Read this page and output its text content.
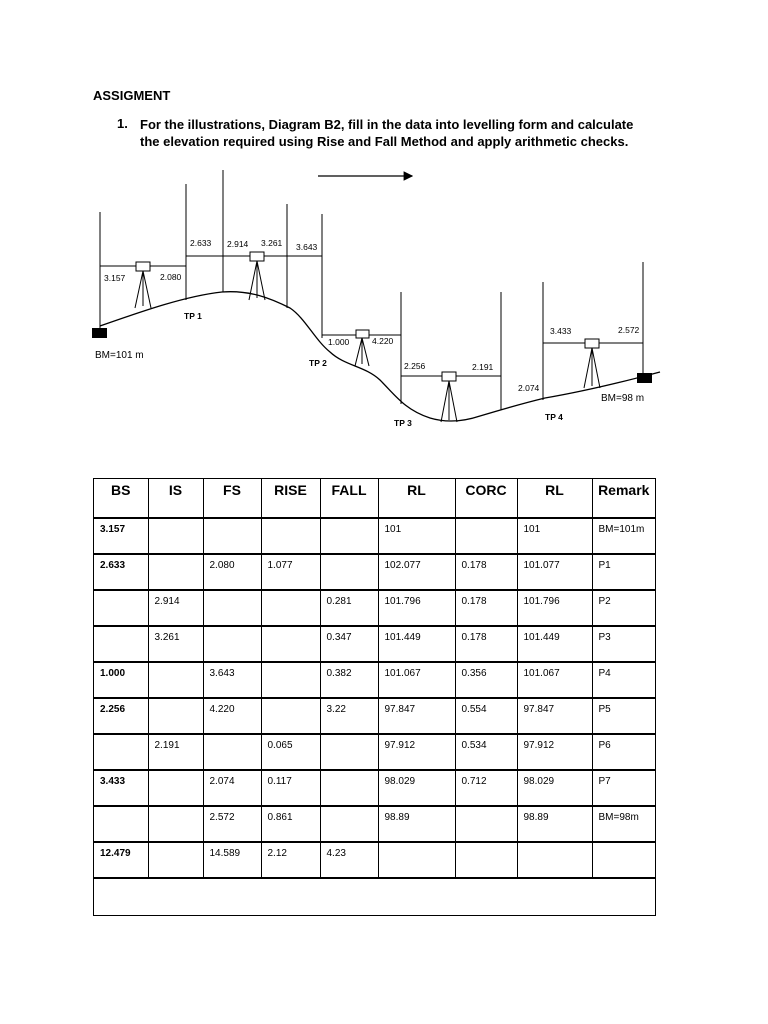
ASSIGMENT
1. For the illustrations, Diagram B2, fill in the data into levelling form and calculate the elevation required using Rise and Fall Method and apply arithmetic checks.
3.157	2.080
2.633 2.914 3.261 3.643
1.000	4.220
2.256	2.191
2.074
3.433	2.572
TP 1
TP 2
TP 3
TP 4
BM=101 m
BM=98 m
BS	IS	FS	RISE	FALL	RL	CORC	RL	Remark
3.157					101		101	BM=101m
2.633		2.080	1.077		102.077	0.178	101.077	P1
	2.914			0.281	101.796	0.178	101.796	P2
	3.261			0.347	101.449	0.178	101.449	P3
1.000		3.643		0.382	101.067	0.356	101.067	P4
2.256		4.220		3.22	97.847	0.554	97.847	P5
	2.191		0.065		97.912	0.534	97.912	P6
3.433		2.074	0.117		98.029	0.712	98.029	P7
		2.572	0.861		98.89		98.89	BM=98m
12.479		14.589	2.12	4.23				
